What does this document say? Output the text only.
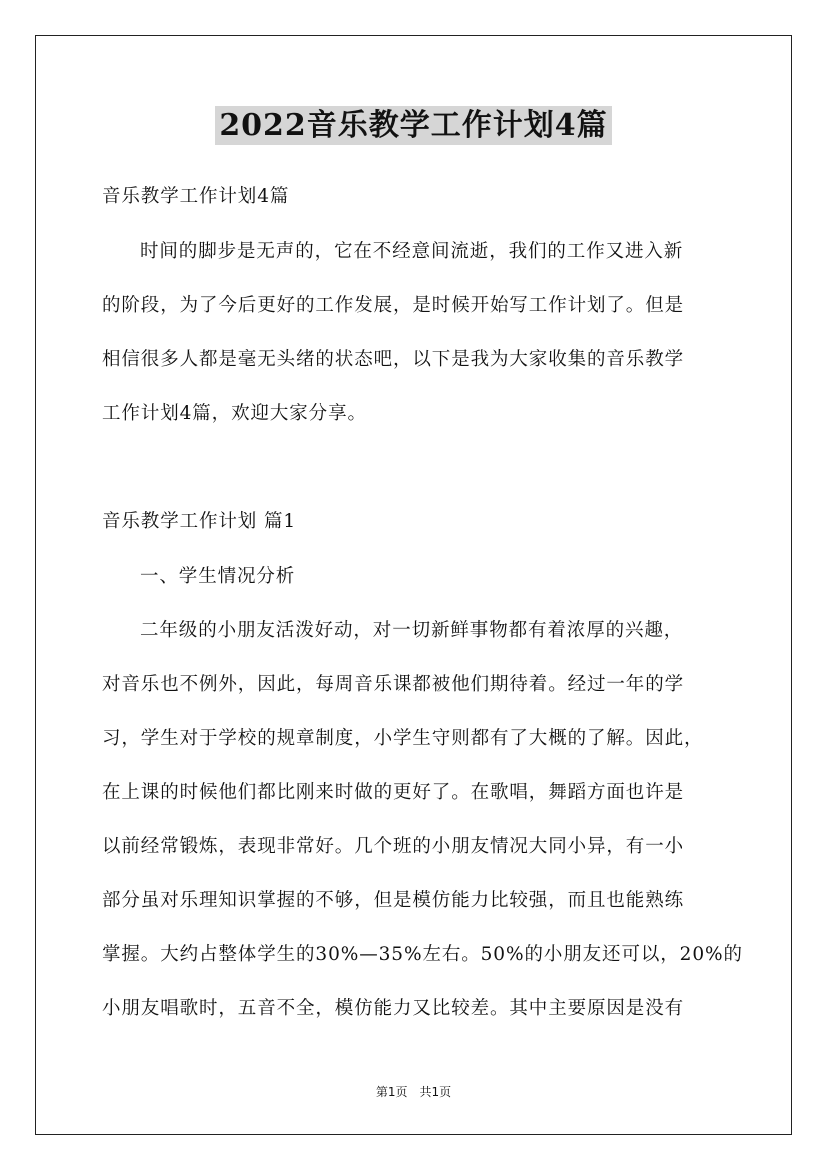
2022音乐教学工作计划4篇
音乐教学工作计划4篇
时间的脚步是无声的，它在不经意间流逝，我们的工作又进入新
的阶段，为了今后更好的工作发展，是时候开始写工作计划了。但是
相信很多人都是毫无头绪的状态吧，以下是我为大家收集的音乐教学
工作计划4篇，欢迎大家分享。
音乐教学工作计划 篇1
一、学生情况分析
二年级的小朋友活泼好动，对一切新鲜事物都有着浓厚的兴趣，
对音乐也不例外，因此，每周音乐课都被他们期待着。经过一年的学
习，学生对于学校的规章制度，小学生守则都有了大概的了解。因此，
在上课的时候他们都比刚来时做的更好了。在歌唱，舞蹈方面也许是
以前经常锻炼，表现非常好。几个班的小朋友情况大同小异，有一小
部分虽对乐理知识掌握的不够，但是模仿能力比较强，而且也能熟练
掌握。大约占整体学生的30%—35%左右。50%的小朋友还可以，20%的
小朋友唱歌时，五音不全，模仿能力又比较差。其中主要原因是没有
第1页 共1页
